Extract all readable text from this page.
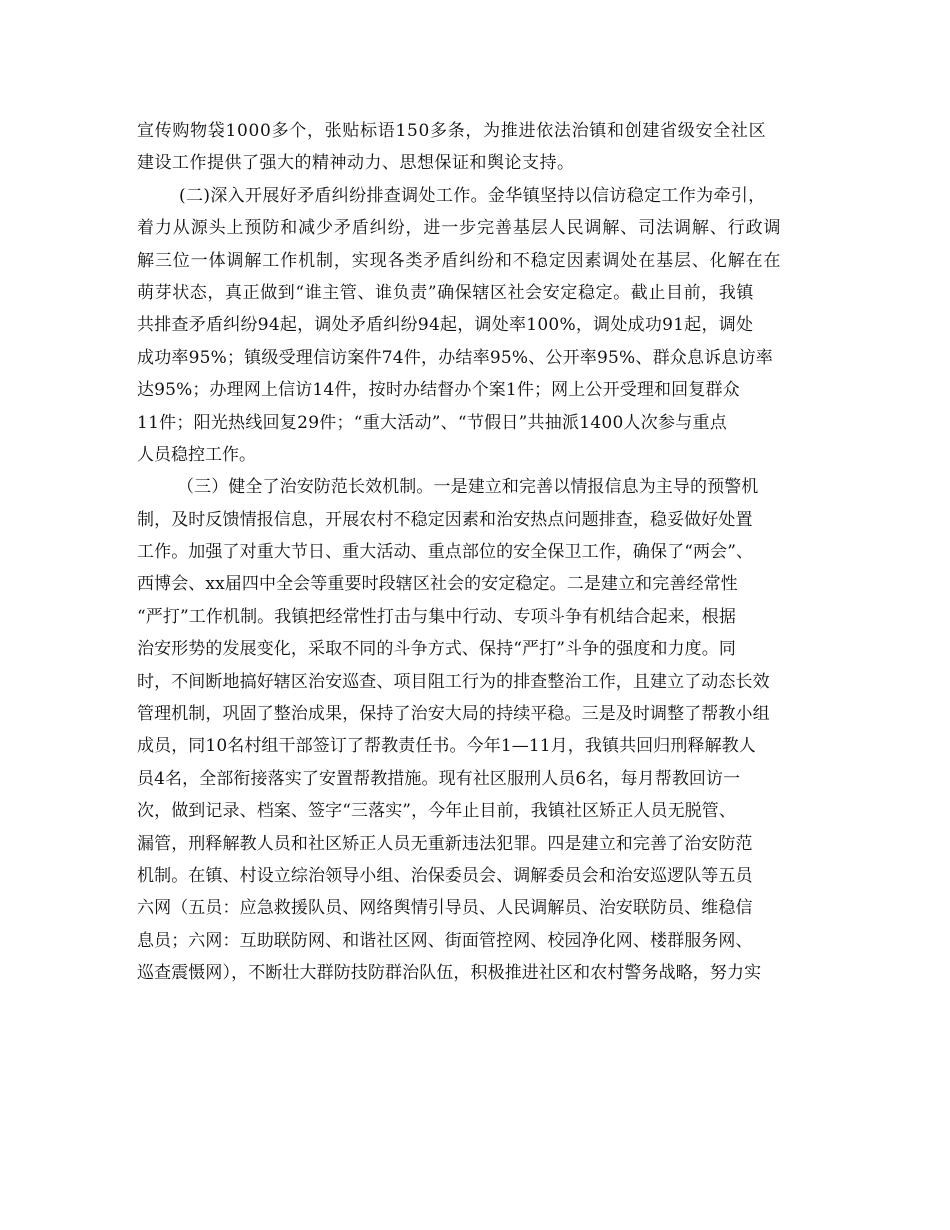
宣传购物袋1000多个，张贴标语150多条，为推进依法治镇和创建省级安全社区
建设工作提供了强大的精神动力、思想保证和舆论支持。
(二)深入开展好矛盾纠纷排查调处工作。金华镇坚持以信访稳定工作为牵引，
着力从源头上预防和减少矛盾纠纷，进一步完善基层人民调解、司法调解、行政调
解三位一体调解工作机制，实现各类矛盾纠纷和不稳定因素调处在基层、化解在在
萌芽状态，真正做到“谁主管、谁负责”确保辖区社会安定稳定。截止目前，我镇
共排查矛盾纠纷94起，调处矛盾纠纷94起，调处率100%，调处成功91起，调处
成功率95%；镇级受理信访案件74件，办结率95%、公开率95%、群众息诉息访率
达95%；办理网上信访14件，按时办结督办个案1件；网上公开受理和回复群众
11件；阳光热线回复29件；“重大活动”、“节假日”共抽派1400人次参与重点
人员稳控工作。
（三）健全了治安防范长效机制。一是建立和完善以情报信息为主导的预警机
制，及时反馈情报信息，开展农村不稳定因素和治安热点问题排查，稳妥做好处置
工作。加强了对重大节日、重大活动、重点部位的安全保卫工作，确保了“两会”、
西博会、xx届四中全会等重要时段辖区社会的安定稳定。二是建立和完善经常性
“严打”工作机制。我镇把经常性打击与集中行动、专项斗争有机结合起来，根据
治安形势的发展变化，采取不同的斗争方式、保持“严打”斗争的强度和力度。同
时，不间断地搞好辖区治安巡查、项目阻工行为的排查整治工作，且建立了动态长效
管理机制，巩固了整治成果，保持了治安大局的持续平稳。三是及时调整了帮教小组
成员，同10名村组干部签订了帮教责任书。今年1—11月，我镇共回归刑释解教人
员4名，全部衔接落实了安置帮教措施。现有社区服刑人员6名，每月帮教回访一
次，做到记录、档案、签字“三落实”，今年止目前，我镇社区矫正人员无脱管、
漏管，刑释解教人员和社区矫正人员无重新违法犯罪。四是建立和完善了治安防范
机制。在镇、村设立综治领导小组、治保委员会、调解委员会和治安巡逻队等五员
六网（五员：应急救援队员、网络舆情引导员、人民调解员、治安联防员、维稳信
息员；六网：互助联防网、和谐社区网、街面管控网、校园净化网、楼群服务网、
巡查震慑网），不断壮大群防技防群治队伍，积极推进社区和农村警务战略，努力实
